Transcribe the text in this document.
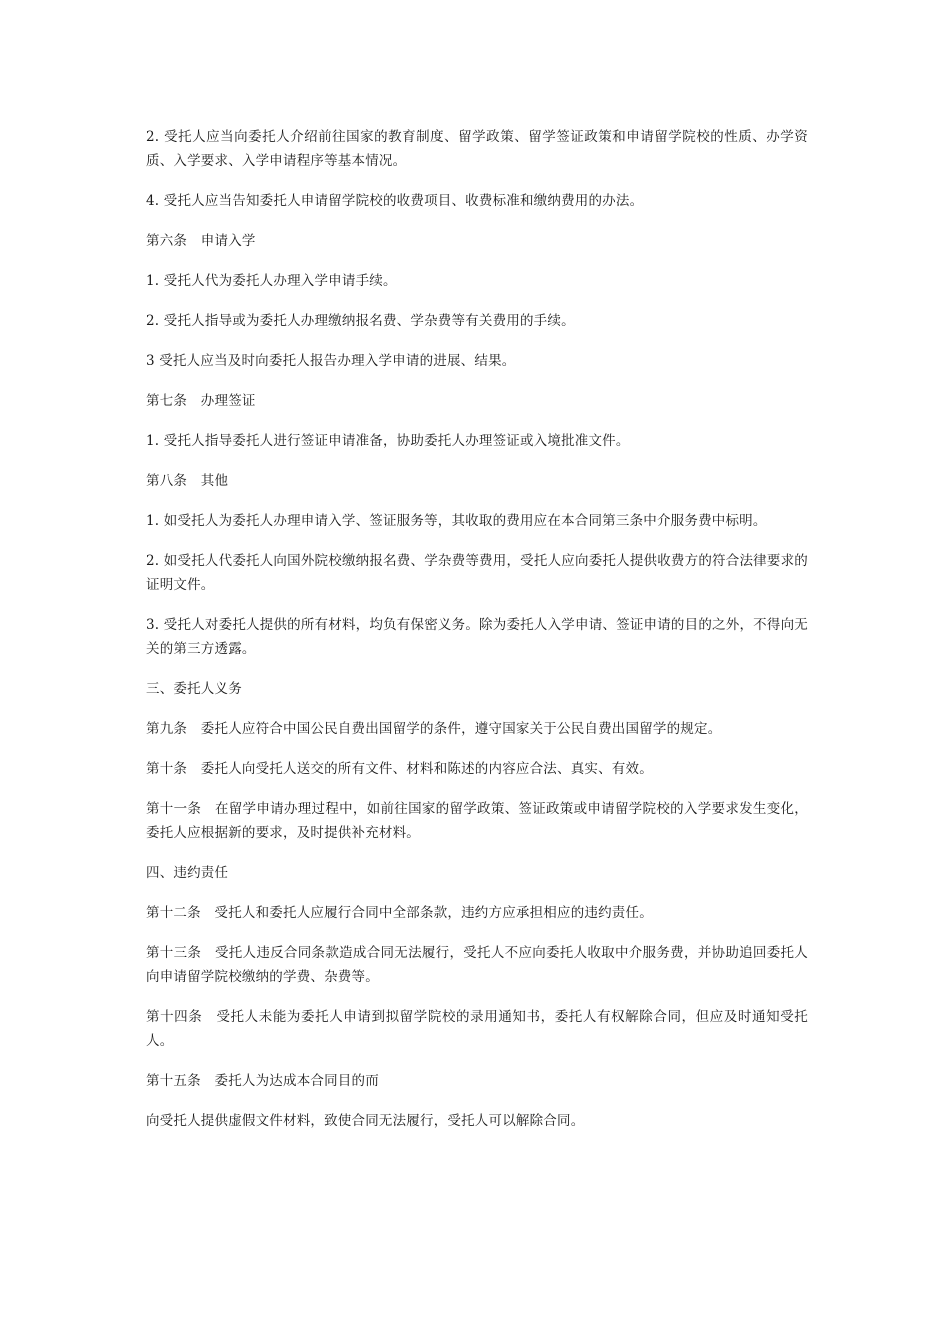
2. 受托人应当向委托人介绍前往国家的教育制度、留学政策、留学签证政策和申请留学院校的性质、办学资质、入学要求、入学申请程序等基本情况。

4. 受托人应当告知委托人申请留学院校的收费项目、收费标准和缴纳费用的办法。

第六条　申请入学

1. 受托人代为委托人办理入学申请手续。

2. 受托人指导或为委托人办理缴纳报名费、学杂费等有关费用的手续。

3 受托人应当及时向委托人报告办理入学申请的进展、结果。

第七条　办理签证

1. 受托人指导委托人进行签证申请准备，协助委托人办理签证或入境批准文件。

第八条　其他

1. 如受托人为委托人办理申请入学、签证服务等，其收取的费用应在本合同第三条中介服务费中标明。

2. 如受托人代委托人向国外院校缴纳报名费、学杂费等费用，受托人应向委托人提供收费方的符合法律要求的证明文件。

3. 受托人对委托人提供的所有材料，均负有保密义务。除为委托人入学申请、签证申请的目的之外，不得向无关的第三方透露。

三、委托人义务

第九条　委托人应符合中国公民自费出国留学的条件，遵守国家关于公民自费出国留学的规定。

第十条　委托人向受托人送交的所有文件、材料和陈述的内容应合法、真实、有效。

第十一条　在留学申请办理过程中，如前往国家的留学政策、签证政策或申请留学院校的入学要求发生变化，委托人应根据新的要求，及时提供补充材料。

四、违约责任

第十二条　受托人和委托人应履行合同中全部条款，违约方应承担相应的违约责任。

第十三条　受托人违反合同条款造成合同无法履行，受托人不应向委托人收取中介服务费，并协助追回委托人向申请留学院校缴纳的学费、杂费等。

第十四条　受托人未能为委托人申请到拟留学院校的录用通知书，委托人有权解除合同，但应及时通知受托人。

第十五条　委托人为达成本合同目的而

向受托人提供虚假文件材料，致使合同无法履行，受托人可以解除合同。
